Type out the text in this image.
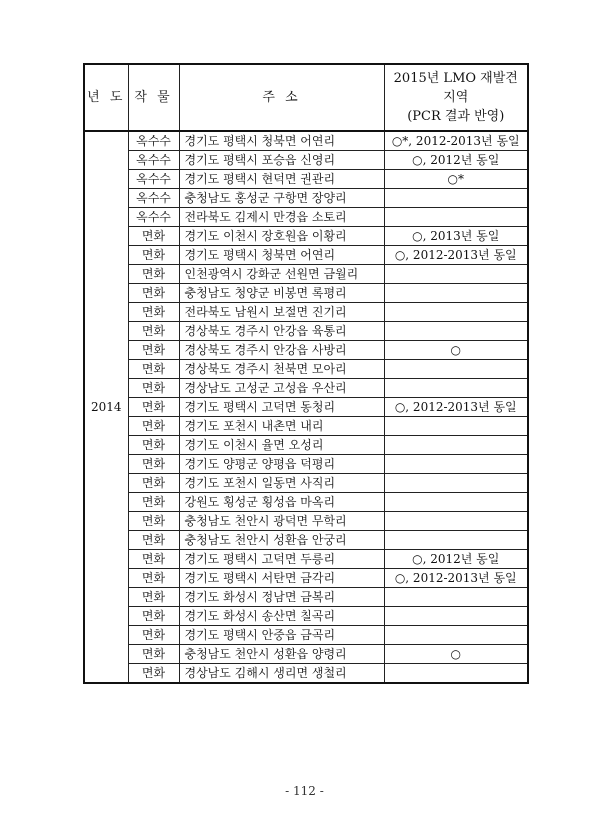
년 도	작 물	주 소	2015년 LMO 재발견
지역
(PCR 결과 반영)

2014	옥수수	경기도 평택시 청북면 어연리	○*, 2012-2013년 동일
	옥수수	경기도 평택시 포승읍 신영리	○, 2012년 동일
	옥수수	경기도 평택시 현덕면 권관리	○*
	옥수수	충청남도 홍성군 구항면 장양리	
	옥수수	전라북도 김제시 만경읍 소토리	
	면화	경기도 이천시 장호원읍 이황리	○, 2013년 동일
	면화	경기도 평택시 청북면 어연리	○, 2012-2013년 동일
	면화	인천광역시 강화군 선원면 금월리	
	면화	충청남도 청양군 비봉면 록평리	
	면화	전라북도 남원시 보절면 진기리	
	면화	경상북도 경주시 안강읍 육통리	
	면화	경상북도 경주시 안강읍 사방리	○
	면화	경상북도 경주시 천북면 모아리	
	면화	경상남도 고성군 고성읍 우산리	
	면화	경기도 평택시 고덕면 동청리	○, 2012-2013년 동일
	면화	경기도 포천시 내촌면 내리	
	면화	경기도 이천시 율면 오성리	
	면화	경기도 양평군 양평읍 덕평리	
	면화	경기도 포천시 일동면 사직리	
	면화	강원도 횡성군 횡성읍 마옥리	
	면화	충청남도 천안시 광덕면 무학리	
	면화	충청남도 천안시 성환읍 안궁리	
	면화	경기도 평택시 고덕면 두릉리	○, 2012년 동일
	면화	경기도 평택시 서탄면 금각리	○, 2012-2013년 동일
	면화	경기도 화성시 정남면 금복리	
	면화	경기도 화성시 송산면 칠곡리	
	면화	경기도 평택시 안중읍 금곡리	
	면화	충청남도 천안시 성환읍 양령리	○
	면화	경상남도 김해시 생리면 생철리	
- 112 -
